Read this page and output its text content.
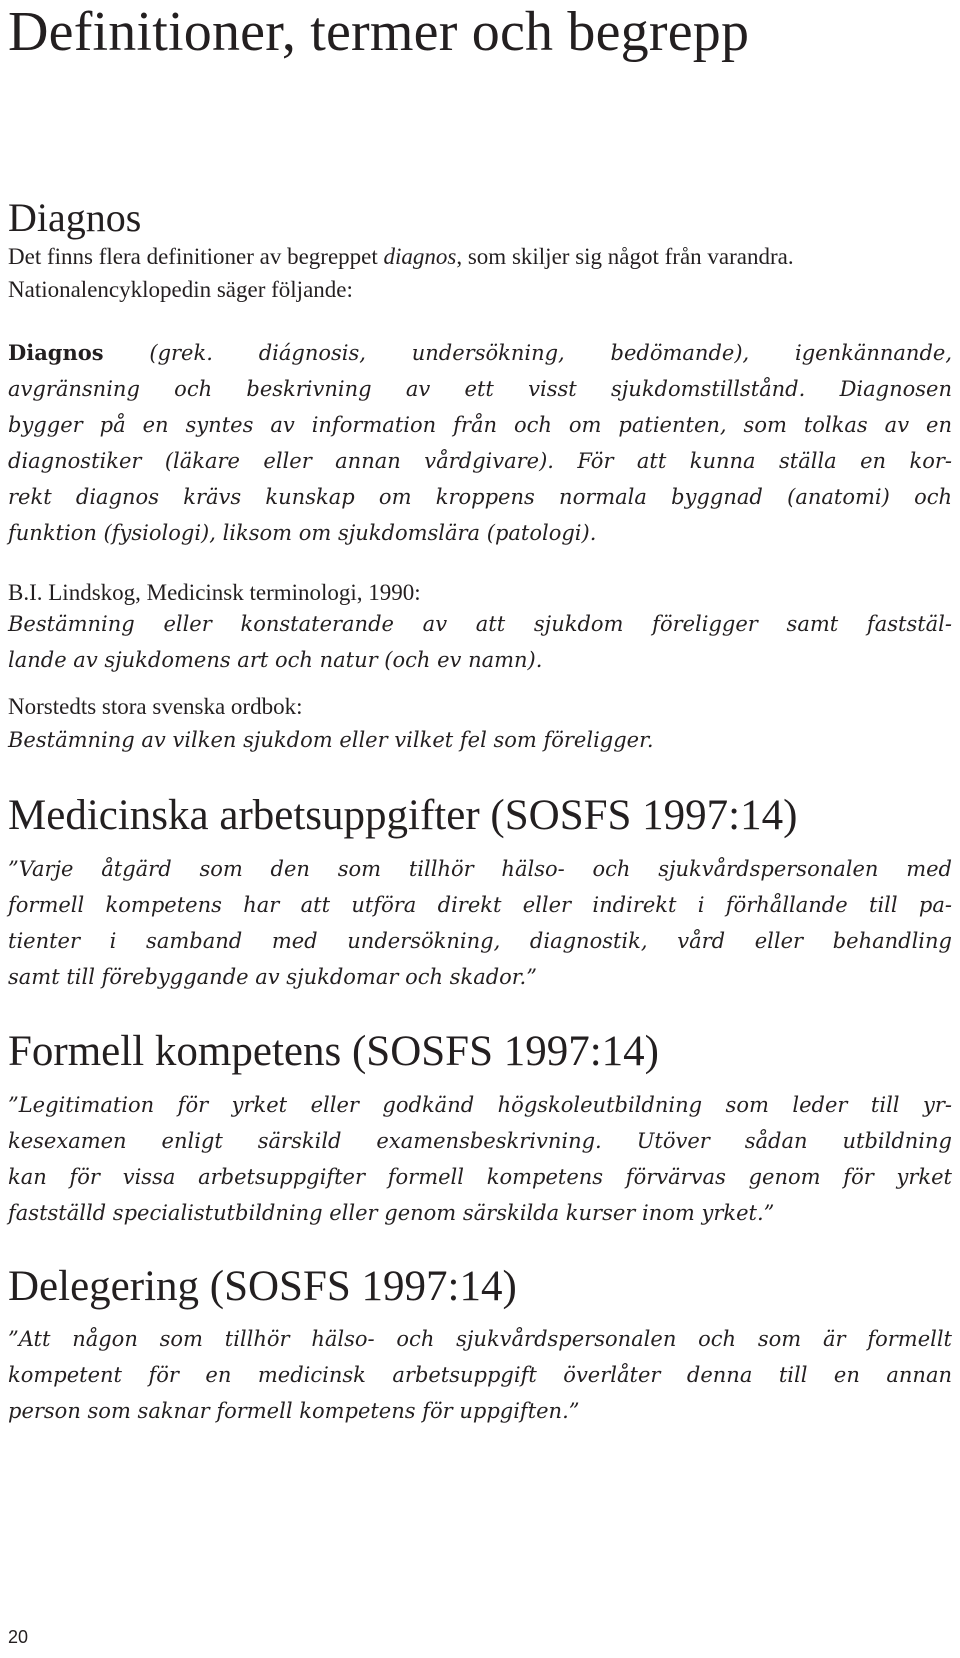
Definitioner, termer och begrepp
Diagnos

Det finns flera definitioner av begreppet diagnos, som skiljer sig något från varandra. Nationalencyklopedin säger följande:

Diagnos (grek. diágnosis, undersökning, bedömande), igenkännande,
avgränsning och beskrivning av ett visst sjukdomstillstånd. Diagnosen
bygger på en syntes av information från och om patienten, som tolkas av en
diagnostiker (läkare eller annan vårdgivare). För att kunna ställa en kor-
rekt diagnos krävs kunskap om kroppens normala byggnad (anatomi) och
funktion (fysiologi), liksom om sjukdomslära (patologi).

B.I. Lindskog, Medicinsk terminologi, 1990:

Bestämning eller konstaterande av att sjukdom föreligger samt faststäl-
lande av sjukdomens art och natur (och ev namn).

Norstedts stora svenska ordbok:

Bestämning av vilken sjukdom eller vilket fel som föreligger.

Medicinska arbetsuppgifter (SOSFS 1997:14)

”Varje åtgärd som den som tillhör hälso- och sjukvårdspersonalen med
formell kompetens har att utföra direkt eller indirekt i förhållande till pa-
tienter i samband med undersökning, diagnostik, vård eller behandling
samt till förebyggande av sjukdomar och skador.”

Formell kompetens (SOSFS 1997:14)

”Legitimation för yrket eller godkänd högskoleutbildning som leder till yr-
kesexamen enligt särskild examensbeskrivning. Utöver sådan utbildning
kan för vissa arbetsuppgifter formell kompetens förvärvas genom för yrket
fastställd specialistutbildning eller genom särskilda kurser inom yrket.”

Delegering (SOSFS 1997:14)

”Att någon som tillhör hälso- och sjukvårdspersonalen och som är formellt
kompetent för en medicinsk arbetsuppgift överlåter denna till en annan
person som saknar formell kompetens för uppgiften.”

20
